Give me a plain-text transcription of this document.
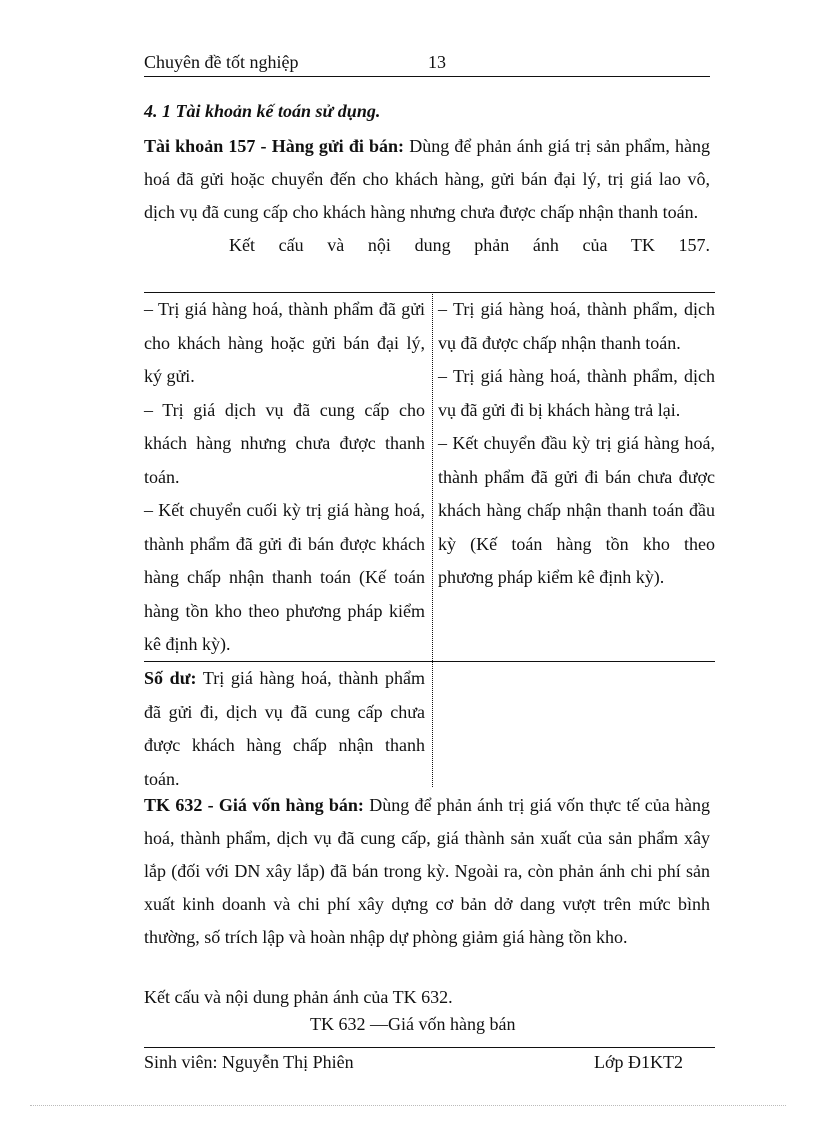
Chuyên đề tốt nghiệp	13
4. 1 Tài khoản kế toán sử dụng.

Tài khoản 157 - Hàng gửi đi bán: Dùng để phản ánh giá trị sản phẩm, hàng hoá đã gửi hoặc chuyển đến cho khách hàng, gửi bán đại lý, trị giá lao vô, dịch vụ đã cung cấp cho khách hàng nhưng chưa được chấp nhận thanh toán.

Kết cấu và nội dung phản ánh của TK 157.

– Trị giá hàng hoá, thành phẩm đã gửi cho khách hàng hoặc gửi bán đại lý, ký gửi.

– Trị giá dịch vụ đã cung cấp cho khách hàng nhưng chưa được thanh toán.

– Kết chuyển cuối kỳ trị giá hàng hoá, thành phẩm đã gửi đi bán được khách hàng chấp nhận thanh toán (Kế toán hàng tồn kho theo phương pháp kiểm kê định kỳ).

– Trị giá hàng hoá, thành phẩm, dịch vụ đã được chấp nhận thanh toán.

– Trị giá hàng hoá, thành phẩm, dịch vụ đã gửi đi bị khách hàng trả lại.

– Kết chuyển đầu kỳ trị giá hàng hoá, thành phẩm đã gửi đi bán chưa được khách hàng chấp nhận thanh toán đầu kỳ (Kế toán hàng tồn kho theo phương pháp kiểm kê định kỳ).

Số dư: Trị giá hàng hoá, thành phẩm đã gửi đi, dịch vụ đã cung cấp chưa được khách hàng chấp nhận thanh toán.

TK 632 - Giá vốn hàng bán: Dùng để phản ánh trị giá vốn thực tế của hàng hoá, thành phẩm, dịch vụ đã cung cấp, giá thành sản xuất của sản phẩm xây lắp (đối với DN xây lắp) đã bán trong kỳ. Ngoài ra, còn phản ánh chi phí sản xuất kinh doanh và chi phí xây dựng cơ bản dở dang vượt trên mức bình thường, số trích lập và hoàn nhập dự phòng giảm giá hàng tồn kho.

Kết cấu và nội dung phản ánh của TK 632.

TK 632 —Giá vốn hàng bán
Sinh viên: Nguyễn Thị Phiên	Lớp Đ1KT2
